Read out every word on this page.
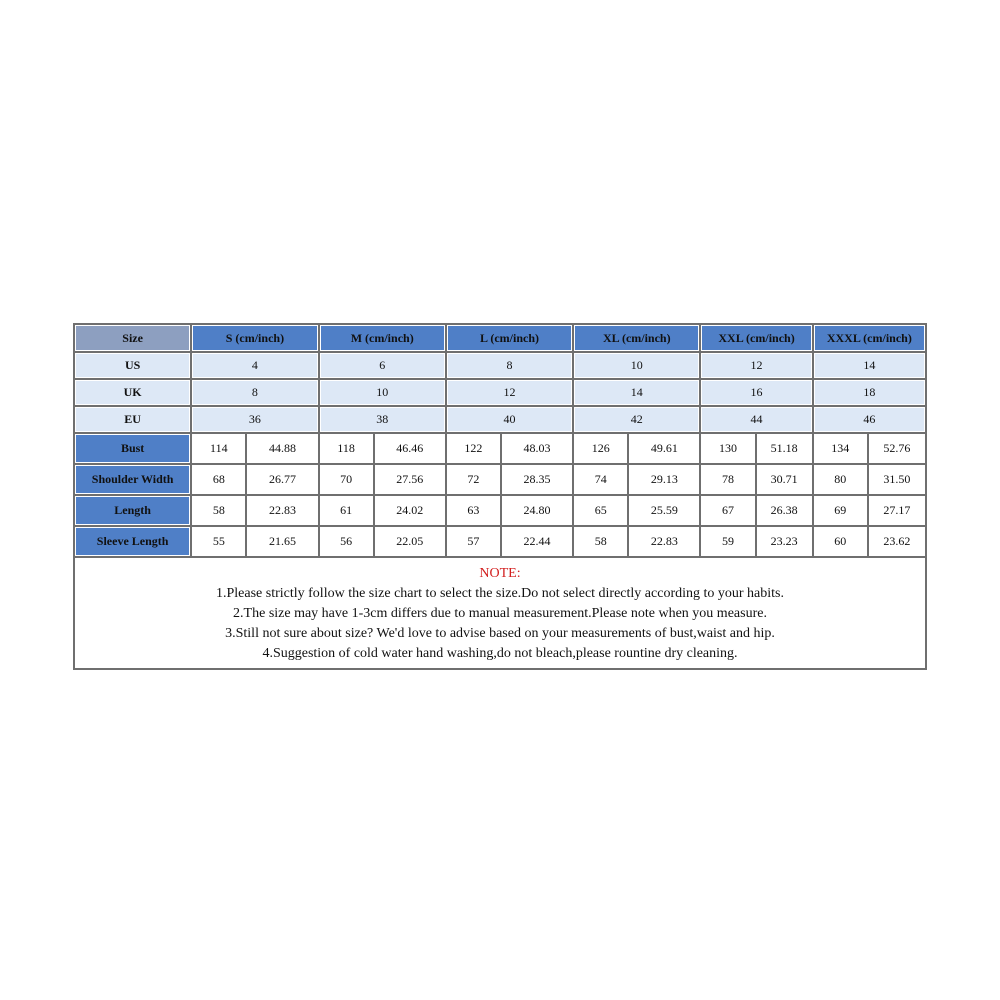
Size	S (cm/inch)		M (cm/inch)		L (cm/inch)		XL (cm/inch)		XXL (cm/inch)		XXXL (cm/inch)	
US	4		6		8		10		12		14	
UK	8		10		12		14		16		18	
EU	36		38		40		42		44		46	
Bust	114	44.88	118	46.46	122	48.03	126	49.61	130	51.18	134	52.76
Shoulder Width	68	26.77	70	27.56	72	28.35	74	29.13	78	30.71	80	31.50
Length	58	22.83	61	24.02	63	24.80	65	25.59	67	26.38	69	27.17
Sleeve Length	55	21.65	56	22.05	57	22.44	58	22.83	59	23.23	60	23.62

NOTE:
1.Please strictly follow the size chart to select the size.Do not select directly according to your habits.
2.The size may have 1-3cm differs due to manual measurement.Please note when you measure.
3.Still not sure about size? We'd love to advise based on your measurements of bust,waist and hip.
4.Suggestion of cold water hand washing,do not bleach,please rountine dry cleaning.												
